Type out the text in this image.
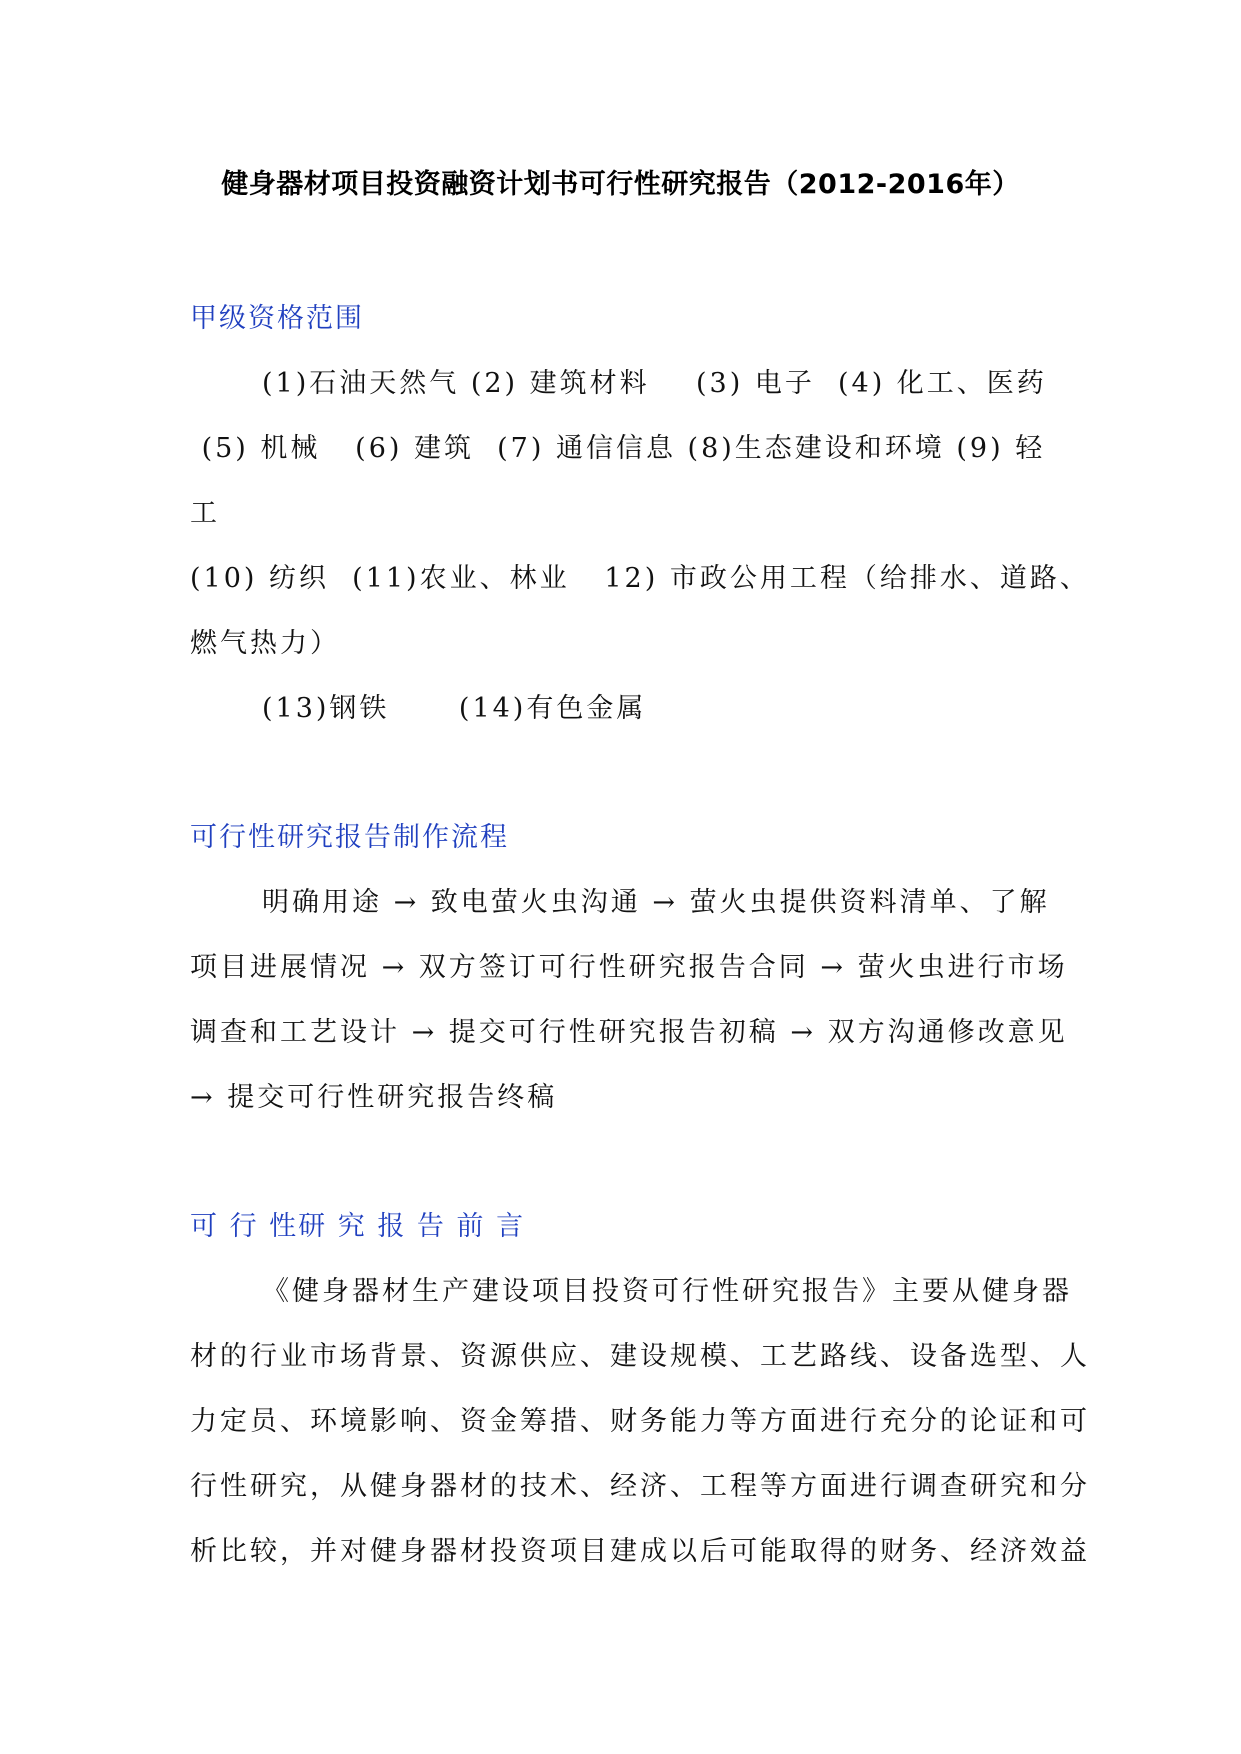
健身器材项目投资融资计划书可行性研究报告（2012-2016年）
甲级资格范围
(1)石油天然气 (2) 建筑材料    (3) 电子  (4) 化工、医药
(5) 机械   (6) 建筑  (7) 通信信息 (8)生态建设和环境 (9) 轻
工
(10) 纺织  (11)农业、林业   12) 市政公用工程（给排水、道路、
燃气热力）
(13)钢铁      (14)有色金属
可行性研究报告制作流程
明确用途 → 致电萤火虫沟通 → 萤火虫提供资料清单、了解
项目进展情况 → 双方签订可行性研究报告合同 → 萤火虫进行市场
调查和工艺设计 → 提交可行性研究报告初稿 → 双方沟通修改意见
→ 提交可行性研究报告终稿
可 行 性研 究 报 告 前 言
《健身器材生产建设项目投资可行性研究报告》主要从健身器
材的行业市场背景、资源供应、建设规模、工艺路线、设备选型、人
力定员、环境影响、资金筹措、财务能力等方面进行充分的论证和可
行性研究，从健身器材的技术、经济、工程等方面进行调查研究和分
析比较，并对健身器材投资项目建成以后可能取得的财务、经济效益
